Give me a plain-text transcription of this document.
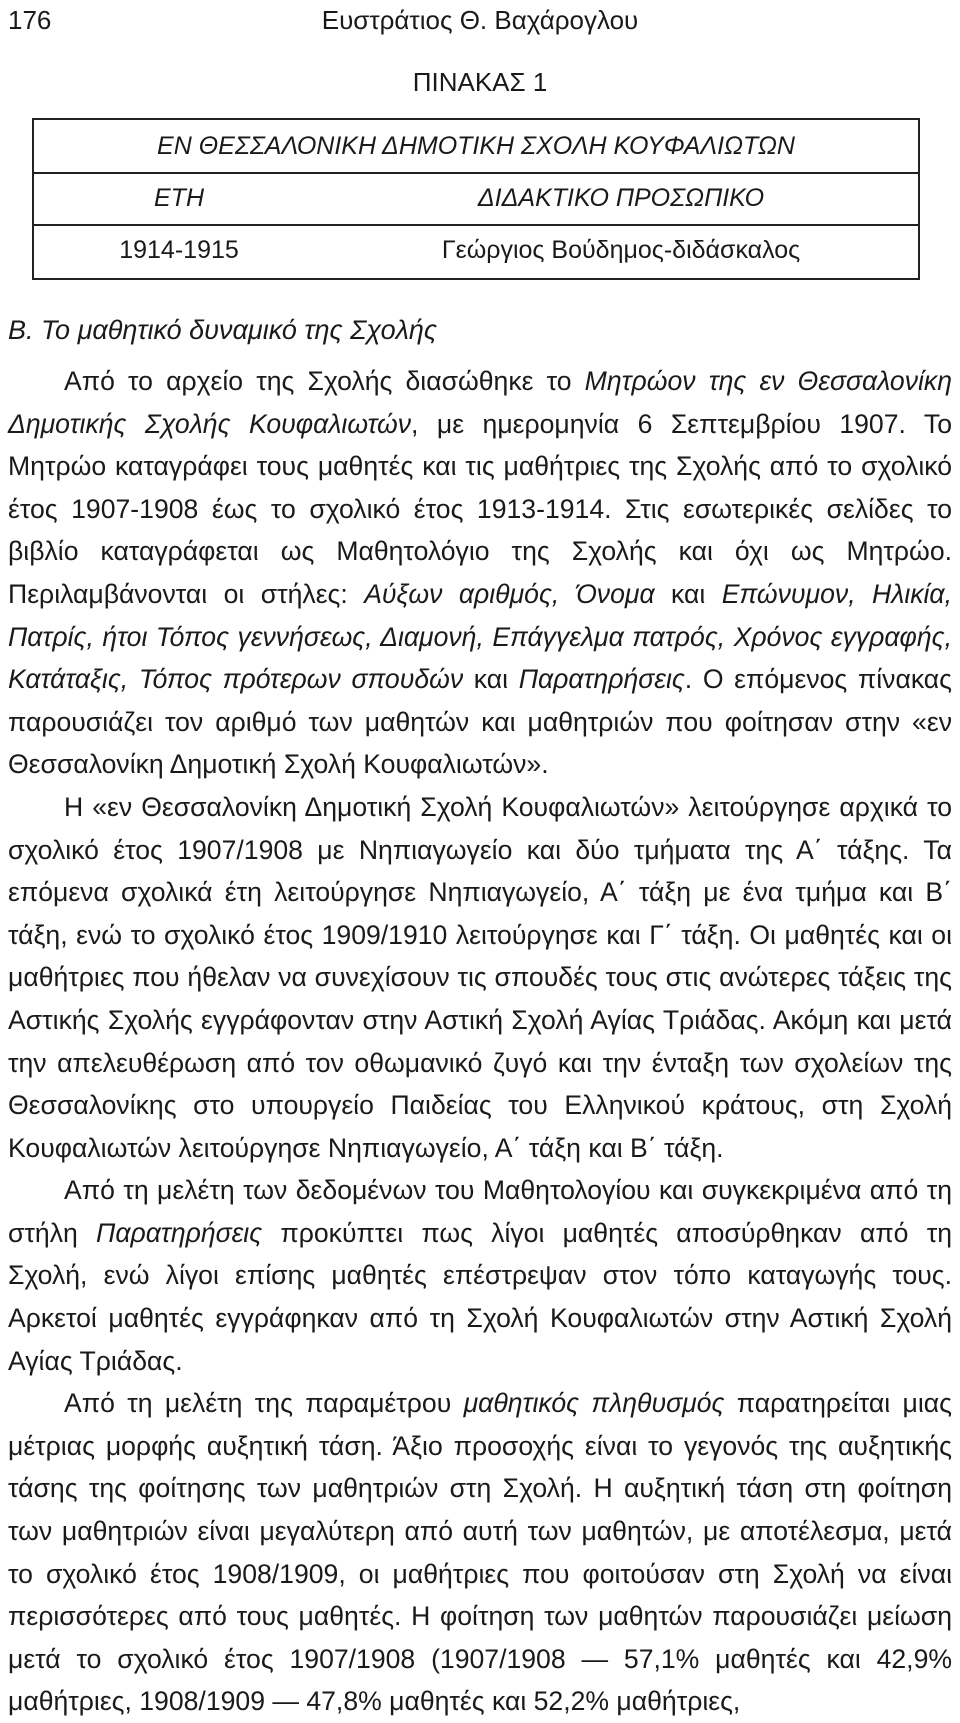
176	Ευστράτιος Θ. Βαχάρογλου
ΠΙΝΑΚΑΣ 1
ΕΝ ΘΕΣΣΑΛΟΝΙΚΗ ΔΗΜΟΤΙΚΗ ΣΧΟΛΗ ΚΟΥΦΑΛΙΩΤΩΝ
ΕΤΗ	ΔΙΔΑΚΤΙΚΟ ΠΡΟΣΩΠΙΚΟ
1914-1915	Γεώργιος Βούδημος-διδάσκαλος
Β. Το μαθητικό δυναμικό της Σχολής

Από το αρχείο της Σχολής διασώθηκε το Μητρώον της εν Θεσσαλονίκη Δημοτικής Σχολής Κουφαλιωτών, με ημερομηνία 6 Σεπτεμβρίου 1907. Το Μητρώο καταγράφει τους μαθητές και τις μαθήτριες της Σχολής από το σχολικό έτος 1907-1908 έως το σχολικό έτος 1913-1914. Στις εσωτερικές σελίδες το βιβλίο καταγράφεται ως Μαθητολόγιο της Σχολής και όχι ως Μητρώο. Περιλαμβάνονται οι στήλες: Αύξων αριθμός, Όνομα και Επώνυμον, Ηλικία, Πατρίς, ήτοι Τόπος γεννήσεως, Διαμονή, Επάγγελμα πατρός, Χρόνος εγγραφής, Κατάταξις, Τόπος πρότερων σπουδών και Παρατηρήσεις. Ο επόμενος πίνακας παρουσιάζει τον αριθμό των μαθητών και μαθητριών που φοίτησαν στην «εν Θεσσαλονίκη Δημοτική Σχολή Κουφαλιωτών».

Η «εν Θεσσαλονίκη Δημοτική Σχολή Κουφαλιωτών» λειτούργησε αρχικά το σχολικό έτος 1907/1908 με Νηπιαγωγείο και δύο τμήματα της Α΄ τάξης. Τα επόμενα σχολικά έτη λειτούργησε Νηπιαγωγείο, Α΄ τάξη με ένα τμήμα και Β΄ τάξη, ενώ το σχολικό έτος 1909/1910 λειτούργησε και Γ΄ τάξη. Οι μαθητές και οι μαθήτριες που ήθελαν να συνεχίσουν τις σπουδές τους στις ανώτερες τάξεις της Αστικής Σχολής εγγράφονταν στην Αστική Σχολή Αγίας Τριάδας. Ακόμη και μετά την απελευθέρωση από τον οθωμανικό ζυγό και την ένταξη των σχολείων της Θεσσαλονίκης στο υπουργείο Παιδείας του Ελληνικού κράτους, στη Σχολή Κουφαλιωτών λειτούργησε Νηπιαγωγείο, Α΄ τάξη και Β΄ τάξη.

Από τη μελέτη των δεδομένων του Μαθητολογίου και συγκεκριμένα από τη στήλη Παρατηρήσεις προκύπτει πως λίγοι μαθητές αποσύρθηκαν από τη Σχολή, ενώ λίγοι επίσης μαθητές επέστρεψαν στον τόπο καταγωγής τους. Αρκετοί μαθητές εγγράφηκαν από τη Σχολή Κουφαλιωτών στην Αστική Σχολή Αγίας Τριάδας.

Από τη μελέτη της παραμέτρου μαθητικός πληθυσμός παρατηρείται μιας μέτριας μορφής αυξητική τάση. Άξιο προσοχής είναι το γεγονός της αυξητικής τάσης της φοίτησης των μαθητριών στη Σχολή. Η αυξητική τάση στη φοίτηση των μαθητριών είναι μεγαλύτερη από αυτή των μαθητών, με αποτέλεσμα, μετά το σχολικό έτος 1908/1909, οι μαθήτριες που φοιτούσαν στη Σχολή να είναι περισσότερες από τους μαθητές. Η φοίτηση των μαθητών παρουσιάζει μείωση μετά το σχολικό έτος 1907/1908 (1907/1908 — 57,1% μαθητές και 42,9% μαθήτριες, 1908/1909 — 47,8% μαθητές και 52,2% μαθήτριες,
